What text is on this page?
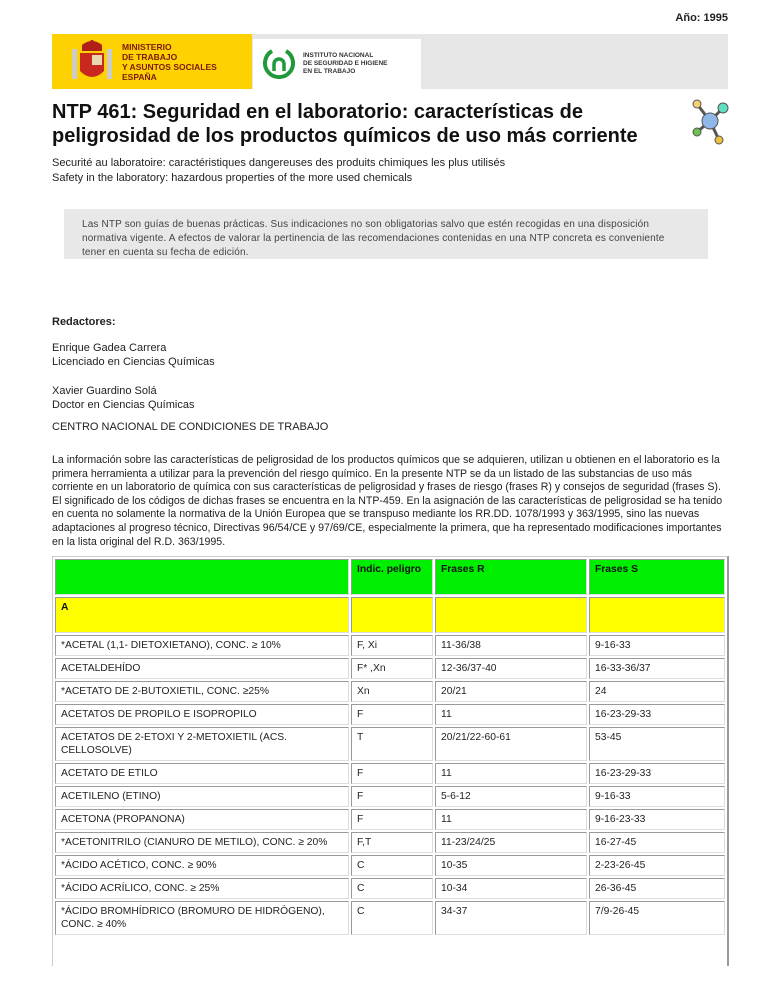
Año: 1995
MINISTERIO
DE TRABAJO
Y ASUNTOS SOCIALES
ESPAÑA
INSTITUTO NACIONAL
DE SEGURIDAD E HIGIENE
EN EL TRABAJO
NTP 461: Seguridad en el laboratorio: características de peligrosidad de los productos químicos de uso más corriente
Securité au laboratoire: caractéristiques dangereuses des produits chimiques les plus utilisés
Safety in the laboratory: hazardous properties of the more used chemicals
Las NTP son guías de buenas prácticas. Sus indicaciones no son obligatorias salvo que estén recogidas en una disposición normativa vigente. A efectos de valorar la pertinencia de las recomendaciones contenidas en una NTP concreta es conveniente tener en cuenta su fecha de edición.
Redactores:
Enrique Gadea Carrera
Licenciado en Ciencias Químicas
Xavier Guardino Solá
Doctor en Ciencias Químicas
CENTRO NACIONAL DE CONDICIONES DE TRABAJO
La información sobre las características de peligrosidad de los productos químicos que se adquieren, utilizan u obtienen en el laboratorio es la primera herramienta a utilizar para la prevención del riesgo químico. En la presente NTP se da un listado de las substancias de uso más corriente en un laboratorio de química con sus características de peligrosidad y frases de riesgo (frases R) y consejos de seguridad (frases S). El significado de los códigos de dichas frases se encuentra en la NTP-459. En la asignación de las características de peligrosidad se ha tenido en cuenta no solamente la normativa de la Unión Europea que se transpuso mediante los RR.DD. 1078/1993 y 363/1995, sino las nuevas adaptaciones al progreso técnico, Directivas 96/54/CE y 97/69/CE, especialmente la primera, que ha representado modificaciones importantes en la lista original del R.D. 363/1995.
	Indic. peligro	Frases R	Frases S
A			
*ACETAL (1,1- DIETOXIETANO), CONC. ≥ 10%	F, Xi	11-36/38	9-16-33
ACETALDEHÍDO	F* ,Xn	12-36/37-40	16-33-36/37
*ACETATO DE 2-BUTOXIETIL, CONC. ≥25%	Xn	20/21	24
ACETATOS DE PROPILO E ISOPROPILO	F	11	16-23-29-33
ACETATOS DE 2-ETOXI Y 2-METOXIETIL (ACS. CELLOSOLVE)	T	20/21/22-60-61	53-45
ACETATO DE ETILO	F	11	16-23-29-33
ACETILENO (ETINO)	F	5-6-12	9-16-33
ACETONA (PROPANONA)	F	11	9-16-23-33
*ACETONITRILO (CIANURO DE METILO), CONC. ≥ 20%	F,T	11-23/24/25	16-27-45
*ÁCIDO ACÉTICO, CONC. ≥ 90%	C	10-35	2-23-26-45
*ÁCIDO ACRÍLICO, CONC. ≥ 25%	C	10-34	26-36-45
*ÁCIDO BROMHÍDRICO (BROMURO DE HIDRÓGENO), CONC. ≥ 40%	C	34-37	7/9-26-45
